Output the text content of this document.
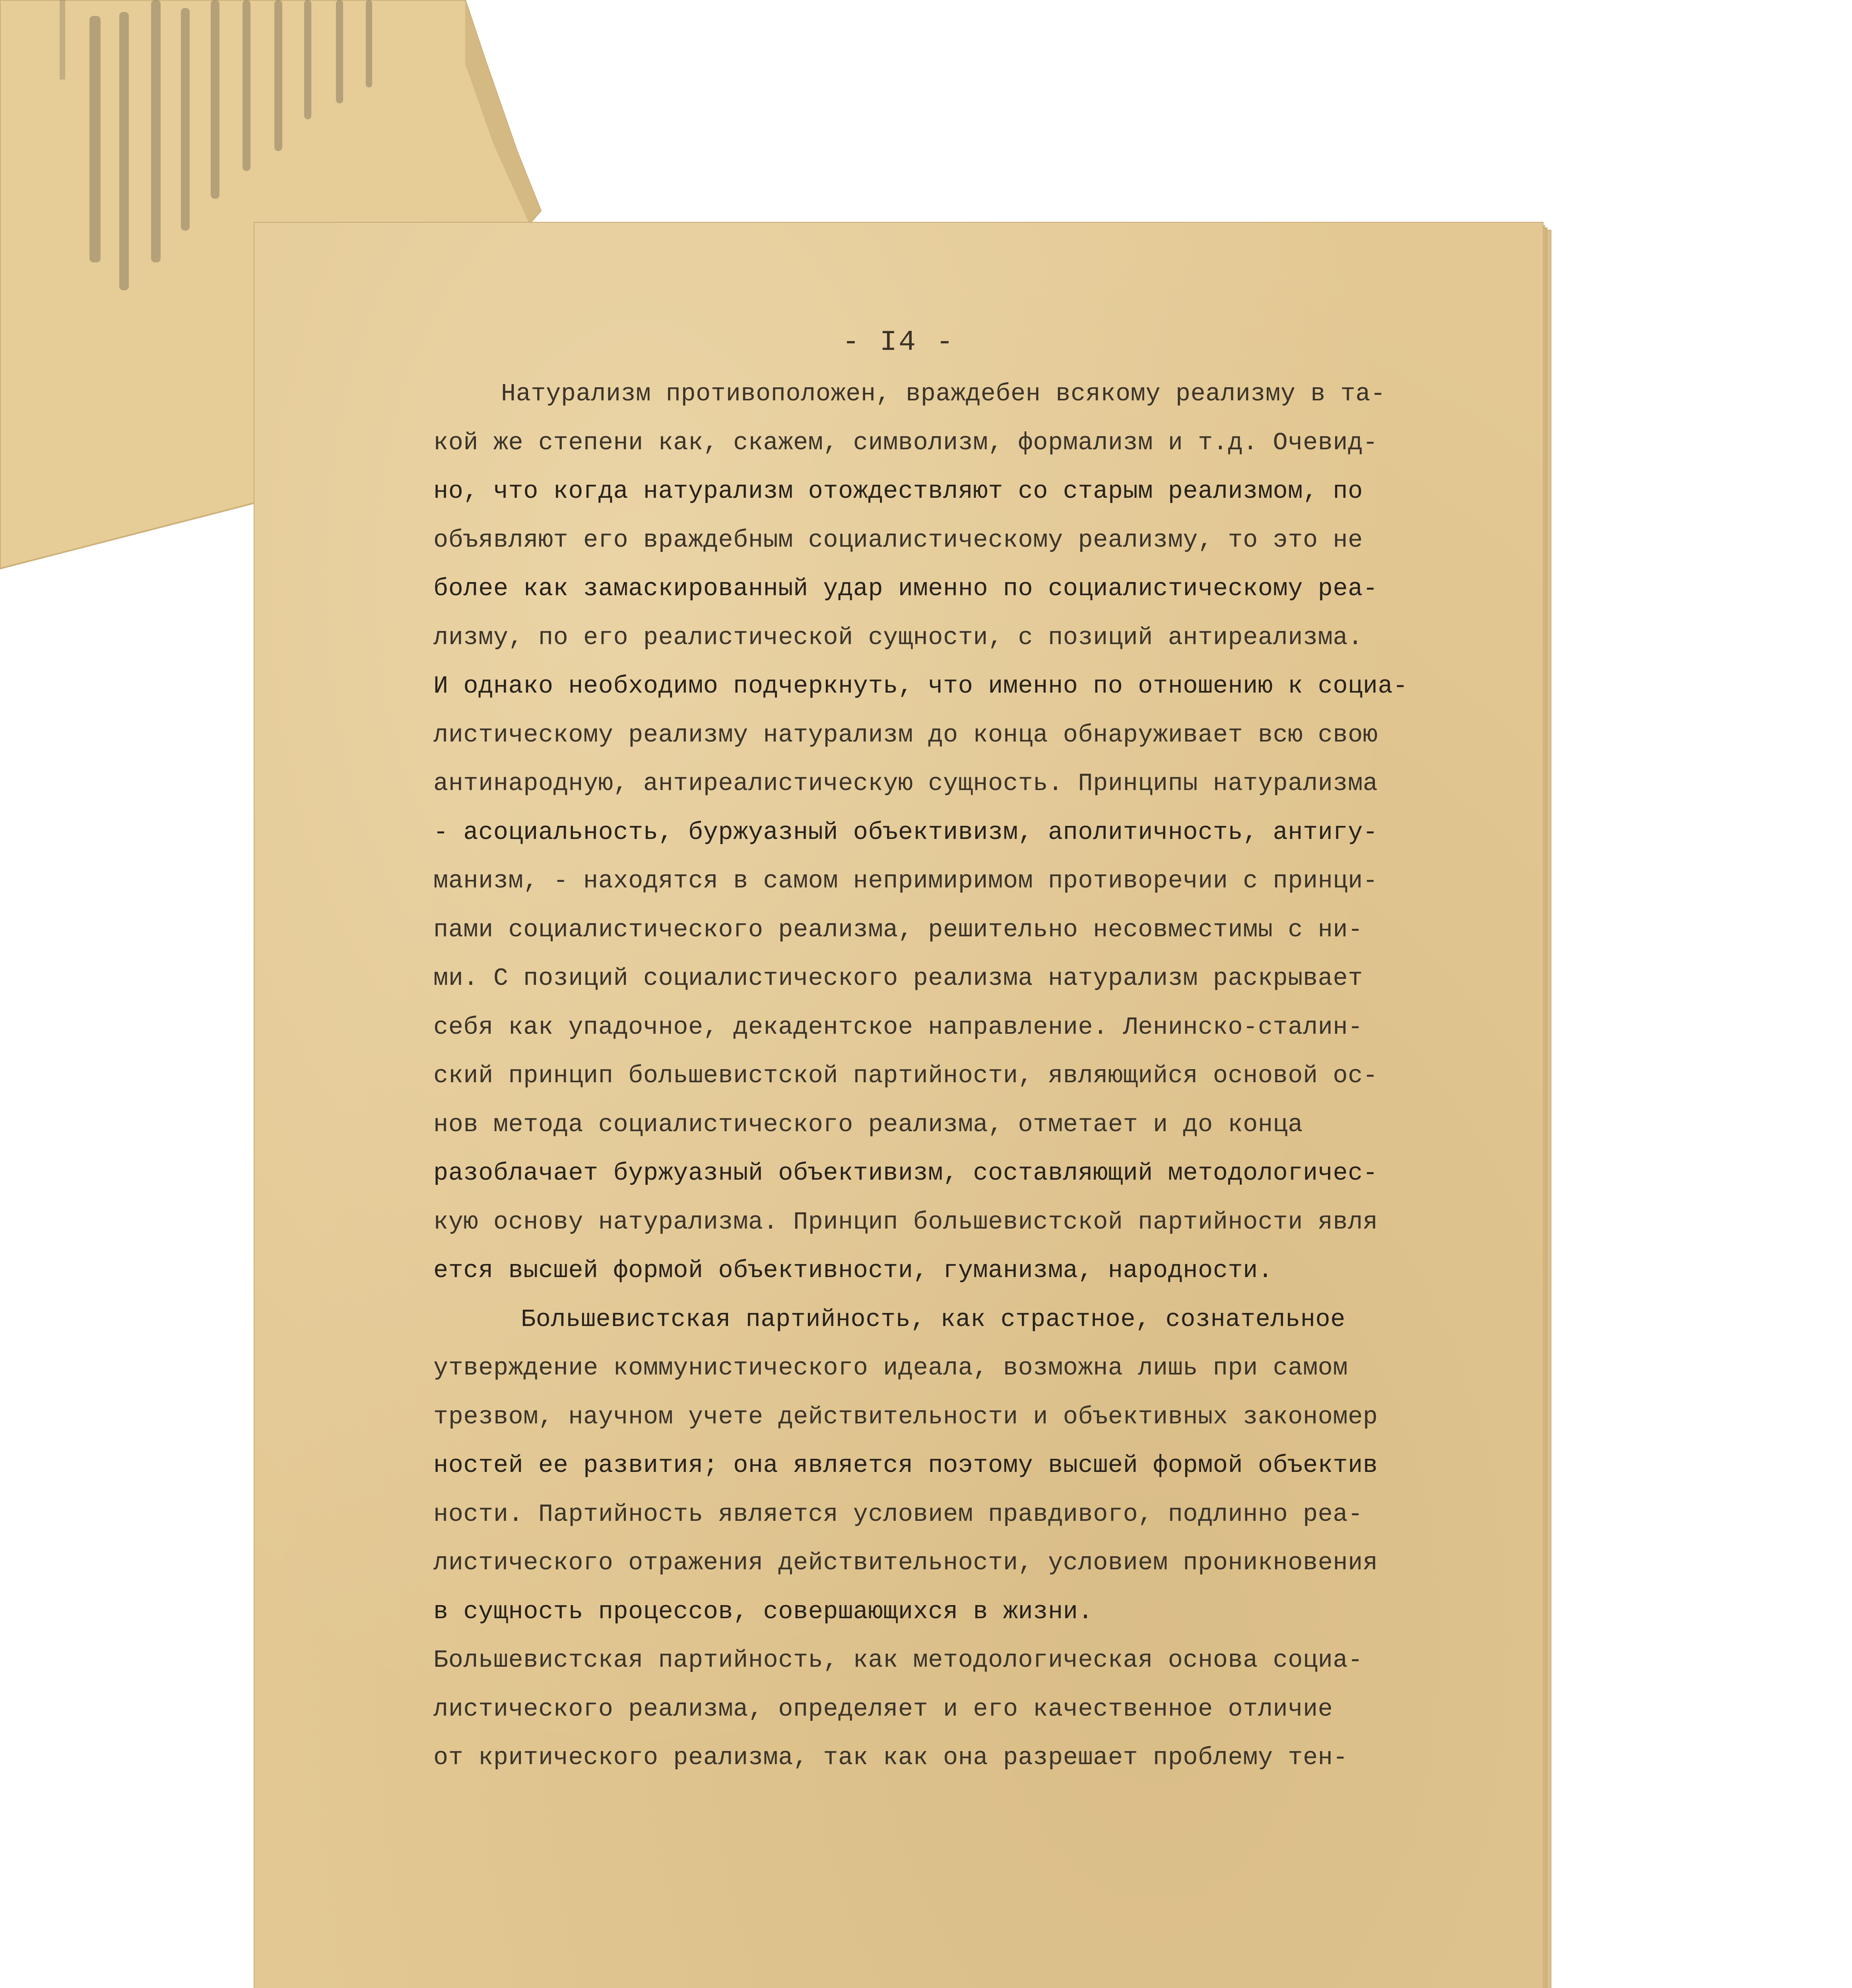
- I4 -
Натурализм противоположен, враждебен всякому реализму в та-
кой же степени как, скажем, символизм, формализм и т.д. Очевид-
но, что когда натурализм отождествляют со старым реализмом, по
объявляют его враждебным социалистическому реализму, то это не
более как замаскированный удар именно по социалистическому реа-
лизму, по его реалистической сущности, с позиций антиреализма.
И однако необходимо подчеркнуть, что именно по отношению к социа-
листическому реализму натурализм до конца обнаруживает всю свою
антинародную, антиреалистическую сущность. Принципы натурализма
- асоциальность, буржуазный объективизм, аполитичность, антигу-
манизм, - находятся в самом непримиримом противоречии с принци-
пами социалистического реализма, решительно несовместимы с ни-
ми. С позиций социалистического реализма натурализм раскрывает
себя как упадочное, декадентское направление. Ленинско-сталин-
ский принцип большевистской партийности, являющийся основой ос-
нов метода социалистического реализма, отметает и до конца
разоблачает буржуазный объективизм, составляющий методологичес-
кую основу натурализма. Принцип большевистской партийности явля
ется высшей формой объективности, гуманизма, народности.
Большевистская партийность, как страстное, сознательное
утверждение коммунистического идеала, возможна лишь при самом
трезвом, научном учете действительности и объективных закономер
ностей ее развития; она является поэтому высшей формой объектив
ности. Партийность является условием правдивого, подлинно реа-
листического отражения действительности, условием проникновения
в сущность процессов, совершающихся в жизни.
Большевистская партийность, как методологическая основа социа-
листического реализма, определяет и его качественное отличие
от критического реализма, так как она разрешает проблему тен-
